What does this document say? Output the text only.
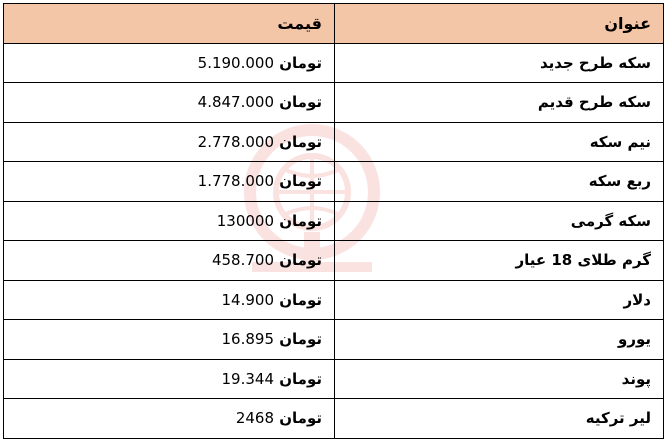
عنوان	قیمت
سکه طرح جدید	تومان 5.190.000
سکه طرح قدیم	تومان 4.847.000
نیم سکه	تومان 2.778.000
ربع سکه	تومان 1.778.000
سکه گرمی	تومان 130000
گرم طلای 18 عیار	تومان 458.700
دلار	تومان 14.900
یورو	تومان 16.895
پوند	تومان 19.344
لیر ترکیه	تومان 2468
